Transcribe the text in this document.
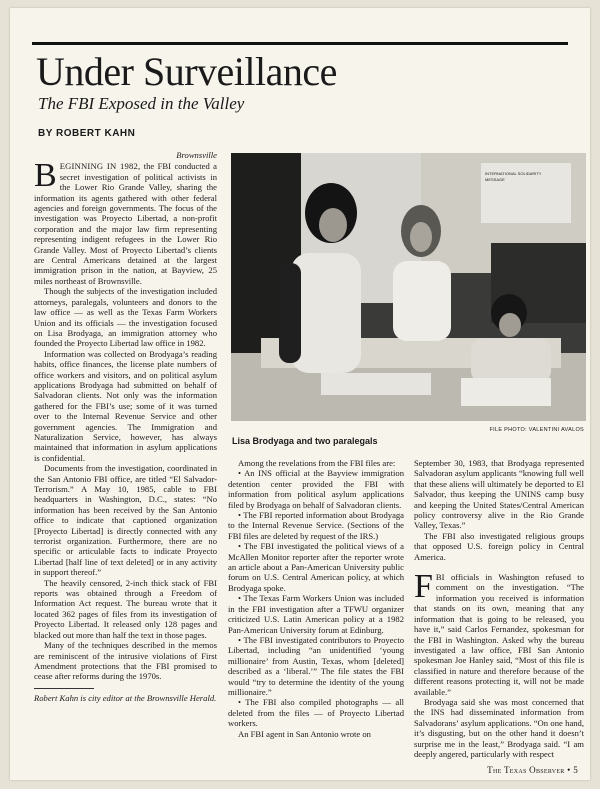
Under Surveillance
The FBI Exposed in the Valley
BY ROBERT KAHN
Brownsville

BEGINNING IN 1982, the FBI conducted a secret investigation of political activists in the Lower Rio Grande Valley, sharing the information its agents gathered with other federal agencies and foreign governments. The focus of the investigation was Proyecto Libertad, a non-profit corporation and the major law firm representing representing indigent refugees in the Lower Rio Grande Valley. Most of Proyecto Libertad’s clients are Central Americans detained at the largest immigration prison in the nation, at Bayview, 25 miles northeast of Brownsville.

Though the subjects of the investigation included attorneys, paralegals, volunteers and donors to the law office — as well as the Texas Farm Workers Union and its officials — the investigation focused on Lisa Brodyaga, an immigration attorney who founded the Proyecto Libertad law office in 1982.

Information was collected on Brodyaga’s reading habits, office finances, the license plate numbers of office workers and visitors, and on political asylum applications Brodyaga had submitted on behalf of Salvadoran clients. Not only was the information gathered for the FBI’s use; some of it was turned over to the Internal Revenue Service and other government agencies. The Immigration and Naturalization Service, however, has always maintained that information in asylum applications is confidential.

Documents from the investigation, coordinated in the San Antonio FBI office, are titled “El Salvador-Terrorism.” A May 10, 1985, cable to FBI headquarters in Washington, D.C., states: “No information has been received by the San Antonio office to indicate that captioned organization [Proyecto Libertad] is directly connected with any terrorist organization. Furthermore, there are no specific or articulable facts to indicate Proyecto Libertad [half line of text deleted] or in any activity in support thereof.”

The heavily censored, 2-inch thick stack of FBI reports was obtained through a Freedom of Information Act request. The bureau wrote that it located 362 pages of files from its investigation of Proyecto Libertad. It released only 128 pages and blacked out more than half the text in those pages.

Many of the techniques described in the memos are reminiscent of the intrusive violations of First Amendment protections that the FBI promised to cease after reforms during the 1970s.

Robert Kahn is city editor at the Brownsville Herald.

INTERNATIONAL SOLIDARITY
MESSAGE
FILE PHOTO: VALENTINI AVALOS
Lisa Brodyaga and two paralegals

Among the revelations from the FBI files are:

• An INS official at the Bayview immigration detention center provided the FBI with information from political asylum applications filed by Brodyaga on behalf of Salvadoran clients.

• The FBI reported information about Brodyaga to the Internal Revenue Service. (Sections of the FBI files are deleted by request of the IRS.)

• The FBI investigated the political views of a McAllen Monitor reporter after the reporter wrote an article about a Pan-American University public forum on U.S. Central American policy, at which Brodyaga spoke.

• The Texas Farm Workers Union was included in the FBI investigation after a TFWU organizer criticized U.S. Latin American policy at a 1982 Pan-American University forum at Edinburg.

• The FBI investigated contributors to Proyecto Libertad, including “an unidentified ‘young millionaire’ from Austin, Texas, whom [deleted] described as a ‘liberal.’” The file states the FBI would “try to determine the identity of the young millionaire.”

• The FBI also compiled photographs — all deleted from the files — of Proyecto Libertad workers.

An FBI agent in San Antonio wrote on

September 30, 1983, that Brodyaga represented Salvadoran asylum applicants “knowing full well that these aliens will ultimately be deported to El Salvador, thus keeping the UNINS camp busy and keeping the United States/Central American policy controversy alive in the Rio Grande Valley, Texas.”

The FBI also investigated religious groups that opposed U.S. foreign policy in Central America.

FBI officials in Washington refused to comment on the investigation. “The information you received is information that stands on its own, meaning that any information that is going to be released, you have it,” said Carlos Fernandez, spokesman for the FBI in Washington. Asked why the bureau investigated a law office, FBI San Antonio spokesman Joe Hanley said, “Most of this file is classified in nature and therefore because of the different reasons protecting it, will not be made available.”

Brodyaga said she was most concerned that the INS had disseminated information from Salvadorans’ asylum applications. “On one hand, it’s disgusting, but on the other hand it doesn’t surprise me in the least,” Brodyaga said. “I am deeply angered, particularly with respect

The Texas Observer • 5
